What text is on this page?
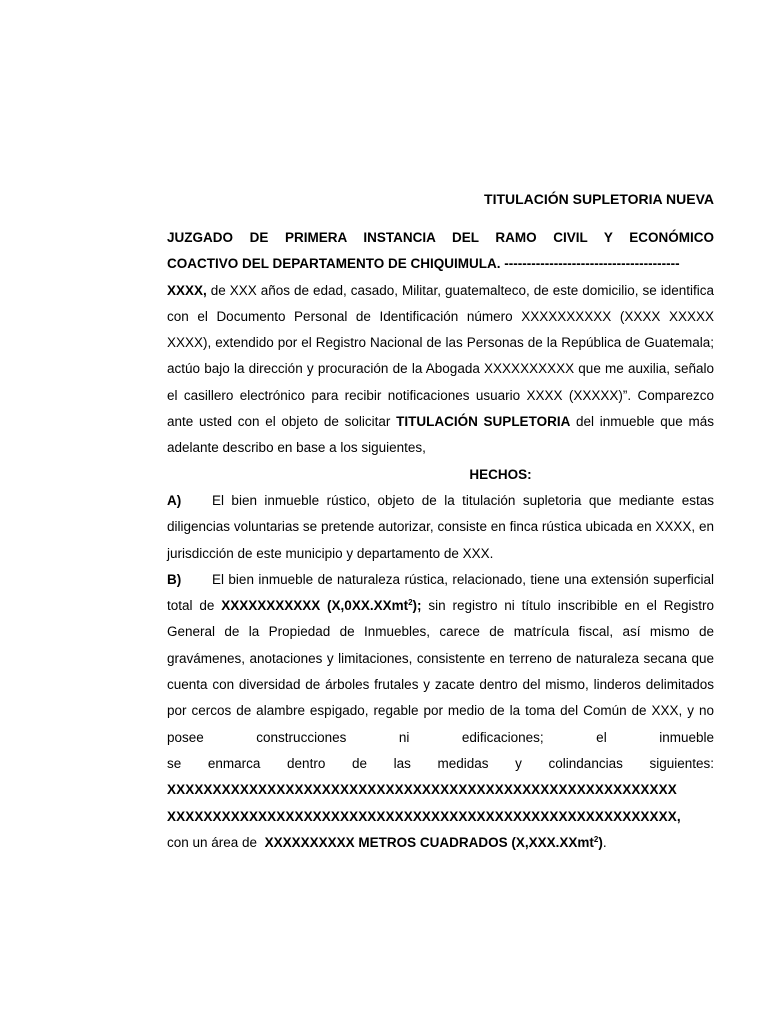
TITULACIÓN SUPLETORIA NUEVA

JUZGADO DE PRIMERA INSTANCIA DEL RAMO CIVIL Y ECONÓMICO

COACTIVO DEL DEPARTAMENTO DE CHIQUIMULA. ---------------------------------------

XXXX, de XXX años de edad, casado, Militar, guatemalteco, de este domicilio, se identifica con el Documento Personal de Identificación número XXXXXXXXXX (XXXX XXXXX XXXX), extendido por el Registro Nacional de las Personas de la República de Guatemala; actúo bajo la dirección y procuración de la Abogada XXXXXXXXXX que me auxilia, señalo el casillero electrónico para recibir notificaciones usuario XXXX (XXXXX)”. Comparezco ante usted con el objeto de solicitar TITULACIÓN SUPLETORIA del inmueble que más adelante describo en base a los siguientes,

HECHOS:

A) El bien inmueble rústico, objeto de la titulación supletoria que mediante estas diligencias voluntarias se pretende autorizar, consiste en finca rústica ubicada en XXXX, en jurisdicción de este municipio y departamento de XXX.

B) El bien inmueble de naturaleza rústica, relacionado, tiene una extensión superficial total de XXXXXXXXXXX (X,0XX.XXmt$^2$); sin registro ni título inscribible en el Registro General de la Propiedad de Inmuebles, carece de matrícula fiscal, así mismo de gravámenes, anotaciones y limitaciones, consistente en terreno de naturaleza secana que cuenta con diversidad de árboles frutales y zacate dentro del mismo, linderos delimitados por cercos de alambre espigado, regable por medio de la toma del Común de XXX, y no posee construcciones ni edificaciones; el inmueble

se enmarca dentro de las medidas y colindancias siguientes:

XXXXXXXXXXXXXXXXXXXXXXXXXXXXXXXXXXXXXXXXXXXXXXXXXXXXXXXX

XXXXXXXXXXXXXXXXXXXXXXXXXXXXXXXXXXXXXXXXXXXXXXXXXXXXXXXX,

con un área de  XXXXXXXXXX METROS CUADRADOS (X,XXX.XXmt$^2$).
